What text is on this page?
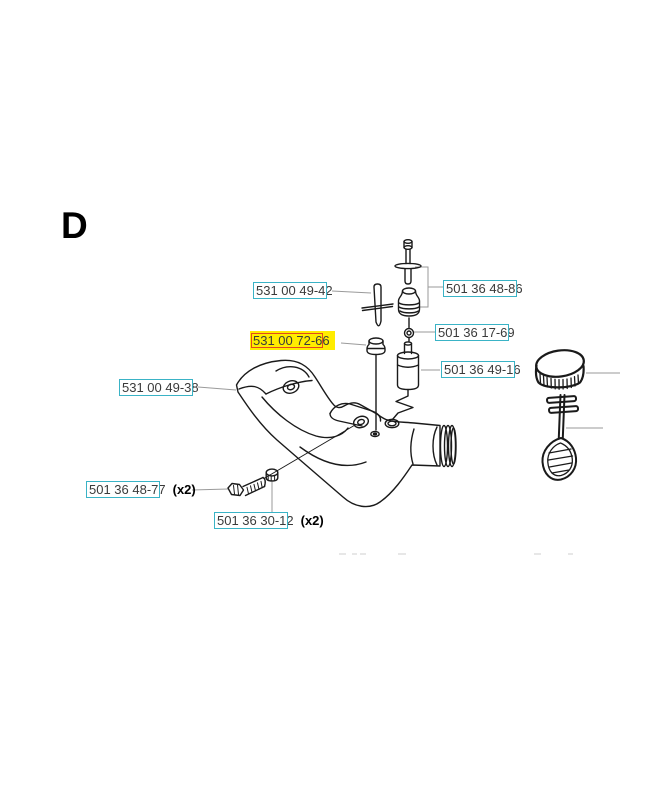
D
531 00 49-42	501 36 48-86
501 36 17-69
531 00 72-66
501 36 49-16
531 00 49-38
501 36 48-77 (x2)
501 36 30-12 (x2)
